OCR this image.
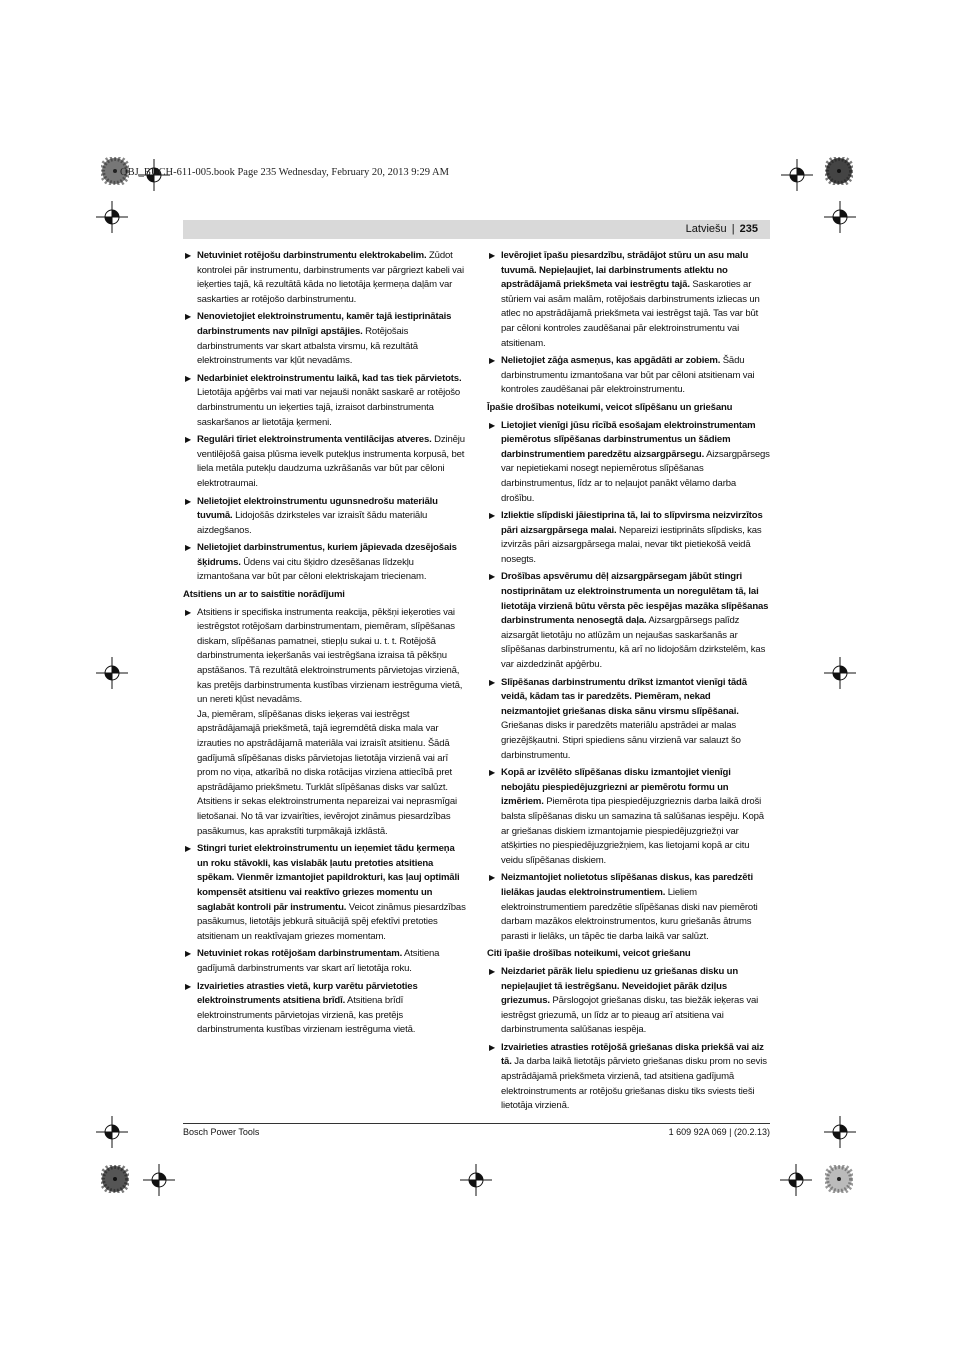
OBJ_BUCH-611-005.book Page 235 Wednesday, February 20, 2013 9:29 AM
Latviešu | 235
▶ Netuviniet rotējošu darbinstrumentu elektrokabelim. Zūdot kontrolei pār instrumentu, darbinstruments var pārgriezt kabeli vai ieķerties tajā, kā rezultātā kāda no lietotāja ķermeņa daļām var saskarties ar rotējošo darbinstrumentu.

▶ Nenovietojiet elektroinstrumentu, kamēr tajā iestiprinātais darbinstruments nav pilnīgi apstājies. Rotējošais darbinstruments var skart atbalsta virsmu, kā rezultātā elektroinstruments var kļūt nevadāms.

▶ Nedarbiniet elektroinstrumentu laikā, kad tas tiek pārvietots. Lietotāja apģērbs vai mati var nejauši nonākt saskarē ar rotējošo darbinstrumentu un ieķerties tajā, izraisot darbinstrumenta saskaršanos ar lietotāja ķermeni.

▶ Regulāri tīriet elektroinstrumenta ventilācijas atveres. Dzinēju ventilējošā gaisa plūsma ievelk putekļus instrumenta korpusā, bet liela metāla putekļu daudzuma uzkrāšanās var būt par cēloni elektrotraumai.

▶ Nelietojiet elektroinstrumentu ugunsnedrošu materiālu tuvumā. Lidojošās dzirksteles var izraisīt šādu materiālu aizdegšanos.

▶ Nelietojiet darbinstrumentus, kuriem jāpievada dzesējošais šķidrums. Ūdens vai citu šķidro dzesēšanas līdzekļu izmantošana var būt par cēloni elektriskajam triecienam.

Atsitiens un ar to saistītie norādījumi
▶ Atsitiens ir specifiska instrumenta reakcija, pēkšņi ieķeroties vai iestrēgstot rotējošam darbinstrumentam, piemēram, slīpēšanas diskam, slīpēšanas pamatnei, stiepļu sukai u. t. t. Rotējošā darbinstrumenta ieķeršanās vai iestrēgšana izraisa tā pēkšņu apstāšanos. Tā rezultātā elektroinstruments pārvietojas virzienā, kas pretējs darbinstrumenta kustības virzienam iestrēguma vietā, un nereti kļūst nevadāms.

Ja, piemēram, slīpēšanas disks ieķeras vai iestrēgst apstrādājamajā priekšmetā, tajā iegremdētā diska mala var izrauties no apstrādājamā materiāla vai izraisīt atsitienu. Šādā gadījumā slīpēšanas disks pārvietojas lietotāja virzienā vai arī prom no viņa, atkarībā no diska rotācijas virziena attiecībā pret apstrādājamo priekšmetu. Turklāt slīpēšanas disks var salūzt.

Atsitiens ir sekas elektroinstrumenta nepareizai vai neprasmīgai lietošanai. No tā var izvairīties, ievērojot zināmus piesardzības pasākumus, kas aprakstīti turpmākajā izklāstā.

▶ Stingri turiet elektroinstrumentu un ieņemiet tādu ķermeņa un roku stāvokli, kas vislabāk ļautu pretoties atsitiena spēkam. Vienmēr izmantojiet papildrokturi, kas ļauj optimāli kompensēt atsitienu vai reaktīvo griezes momentu un saglabāt kontroli pār instrumentu. Veicot zināmus piesardzības pasākumus, lietotājs jebkurā situācijā spēj efektīvi pretoties atsitienam un reaktīvajam griezes momentam.

▶ Netuviniet rokas rotējošam darbinstrumentam. Atsitiena gadījumā darbinstruments var skart arī lietotāja roku.

▶ Izvairieties atrasties vietā, kurp varētu pārvietoties elektroinstruments atsitiena brīdī. Atsitiena brīdī elektroinstruments pārvietojas virzienā, kas pretējs darbinstrumenta kustības virzienam iestrēguma vietā.

▶ Ievērojiet īpašu piesardzību, strādājot stūru un asu malu tuvumā. Nepieļaujiet, lai darbinstruments atlektu no apstrādājamā priekšmeta vai iestrēgtu tajā. Saskaroties ar stūriem vai asām malām, rotējošais darbinstruments izliecas un atlec no apstrādājamā priekšmeta vai iestrēgst tajā. Tas var būt par cēloni kontroles zaudēšanai pār elektroinstrumentu vai atsitienam.

▶ Nelietojiet zāģa asmeņus, kas apgādāti ar zobiem. Šādu darbinstrumentu izmantošana var būt par cēloni atsitienam vai kontroles zaudēšanai pār elektroinstrumentu.

Īpašie drošības noteikumi, veicot slīpēšanu un griešanu
▶ Lietojiet vienīgi jūsu rīcībā esošajam elektroinstrumentam piemērotus slīpēšanas darbinstrumentus un šādiem darbinstrumentiem paredzētu aizsargpārsegu. Aizsargpārsegs var nepietiekami nosegt nepiemērotus slīpēšanas darbinstrumentus, līdz ar to neļaujot panākt vēlamo darba drošību.

▶ Izliektie slīpdiski jāiestiprina tā, lai to slīpvirsma neizvirzītos pāri aizsargpārsega malai. Nepareizi iestiprināts slīpdisks, kas izvirzās pāri aizsargpārsega malai, nevar tikt pietiekošā veidā nosegts.

▶ Drošības apsvērumu dēļ aizsargpārsegam jābūt stingri nostiprinātam uz elektroinstrumenta un noregulētam tā, lai lietotāja virzienā būtu vērsta pēc iespējas mazāka slīpēšanas darbinstrumenta nenosegtā daļa. Aizsargpārsegs palīdz aizsargāt lietotāju no atlūzām un nejaušas saskaršanās ar slīpēšanas darbinstrumentu, kā arī no lidojošām dzirkstelēm, kas var aizdedzināt apģērbu.

▶ Slīpēšanas darbinstrumentu drīkst izmantot vienīgi tādā veidā, kādam tas ir paredzēts. Piemēram, nekad neizmantojiet griešanas diska sānu virsmu slīpēšanai. Griešanas disks ir paredzēts materiālu apstrādei ar malas griezējšķautni. Stipri spiediens sānu virzienā var salauzt šo darbinstrumentu.

▶ Kopā ar izvēlēto slīpēšanas disku izmantojiet vienīgi nebojātu piespiedējuzgriezni ar piemērotu formu un izmēriem. Piemērota tipa piespiedējuzgrieznis darba laikā droši balsta slīpēšanas disku un samazina tā salūšanas iespēju. Kopā ar griešanas diskiem izmantojamie piespiedējuzgriežņi var atšķirties no piespiedējuzgriežņiem, kas lietojami kopā ar citu veidu slīpēšanas diskiem.

▶ Neizmantojiet nolietotus slīpēšanas diskus, kas paredzēti lielākas jaudas elektroinstrumentiem. Lieliem elektroinstrumentiem paredzētie slīpēšanas diski nav piemēroti darbam mazākos elektroinstrumentos, kuru griešanās ātrums parasti ir lielāks, un tāpēc tie darba laikā var salūzt.

Citi īpašie drošības noteikumi, veicot griešanu
▶ Neizdariet pārāk lielu spiedienu uz griešanas disku un nepieļaujiet tā iestrēgšanu. Neveidojiet pārāk dziļus griezumus. Pārslogojot griešanas disku, tas biežāk ieķeras vai iestrēgst griezumā, un līdz ar to pieaug arī atsitiena vai darbinstrumenta salūšanas iespēja.

▶ Izvairieties atrasties rotējošā griešanas diska priekšā vai aiz tā. Ja darba laikā lietotājs pārvieto griešanas disku prom no sevis apstrādājamā priekšmeta virzienā, tad atsitiena gadījumā elektroinstruments ar rotējošu griešanas disku tiks sviests tieši lietotāja virzienā.

Bosch Power Tools	1 609 92A 069 | (20.2.13)
